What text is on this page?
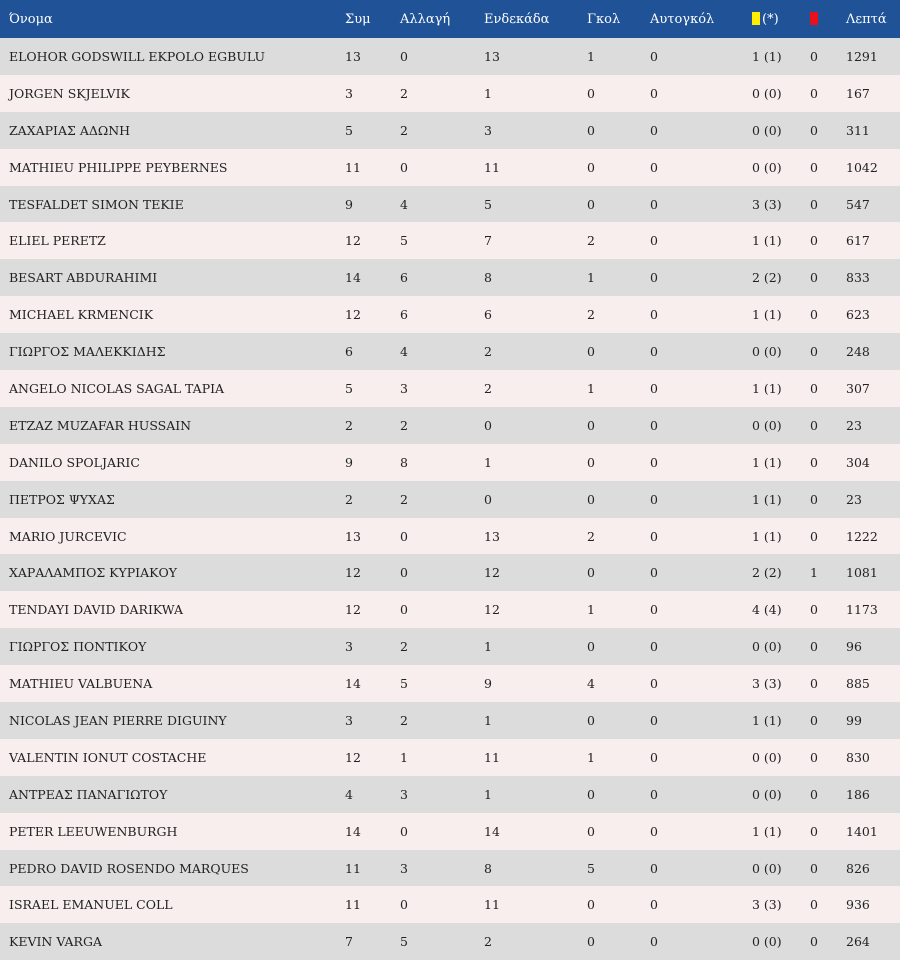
Όνομα	Συμ	Αλλαγή	Ενδεκάδα	Γκολ	Αυτογκόλ	(*)		Λεπτά
ELOHOR GODSWILL EKPOLO EGBULU	13	0	13	1	0	1 (1)	0	1291
JORGEN SKJELVIK	3	2	1	0	0	0 (0)	0	167
ΖΑΧΑΡΙΑΣ ΑΔΩΝΗ	5	2	3	0	0	0 (0)	0	311
MATHIEU PHILIPPE PEYBERNES	11	0	11	0	0	0 (0)	0	1042
TESFALDET SIMON TEKIE	9	4	5	0	0	3 (3)	0	547
ELIEL PERETZ	12	5	7	2	0	1 (1)	0	617
BESART ABDURAHIMI	14	6	8	1	0	2 (2)	0	833
MICHAEL KRMENCIK	12	6	6	2	0	1 (1)	0	623
ΓΙΩΡΓΟΣ ΜΑΛΕΚΚΙΔΗΣ	6	4	2	0	0	0 (0)	0	248
ANGELO NICOLAS SAGAL TAPIA	5	3	2	1	0	1 (1)	0	307
ETZAZ MUZAFAR HUSSAIN	2	2	0	0	0	0 (0)	0	23
DANILO SPOLJARIC	9	8	1	0	0	1 (1)	0	304
ΠΕΤΡΟΣ ΨΥΧΑΣ	2	2	0	0	0	1 (1)	0	23
MARIO JURCEVIC	13	0	13	2	0	1 (1)	0	1222
ΧΑΡΑΛΑΜΠΟΣ ΚΥΡΙΑΚΟΥ	12	0	12	0	0	2 (2)	1	1081
TENDAYI DAVID DARIKWA	12	0	12	1	0	4 (4)	0	1173
ΓΙΩΡΓΟΣ ΠΟΝΤΙΚΟΥ	3	2	1	0	0	0 (0)	0	96
MATHIEU VALBUENA	14	5	9	4	0	3 (3)	0	885
NICOLAS JEAN PIERRE DIGUINY	3	2	1	0	0	1 (1)	0	99
VALENTIN IONUT COSTACHE	12	1	11	1	0	0 (0)	0	830
ΑΝΤΡΕΑΣ ΠΑΝΑΓΙΩΤΟΥ	4	3	1	0	0	0 (0)	0	186
PETER LEEUWENBURGH	14	0	14	0	0	1 (1)	0	1401
PEDRO DAVID ROSENDO MARQUES	11	3	8	5	0	0 (0)	0	826
ISRAEL EMANUEL COLL	11	0	11	0	0	3 (3)	0	936
KEVIN VARGA	7	5	2	0	0	0 (0)	0	264
